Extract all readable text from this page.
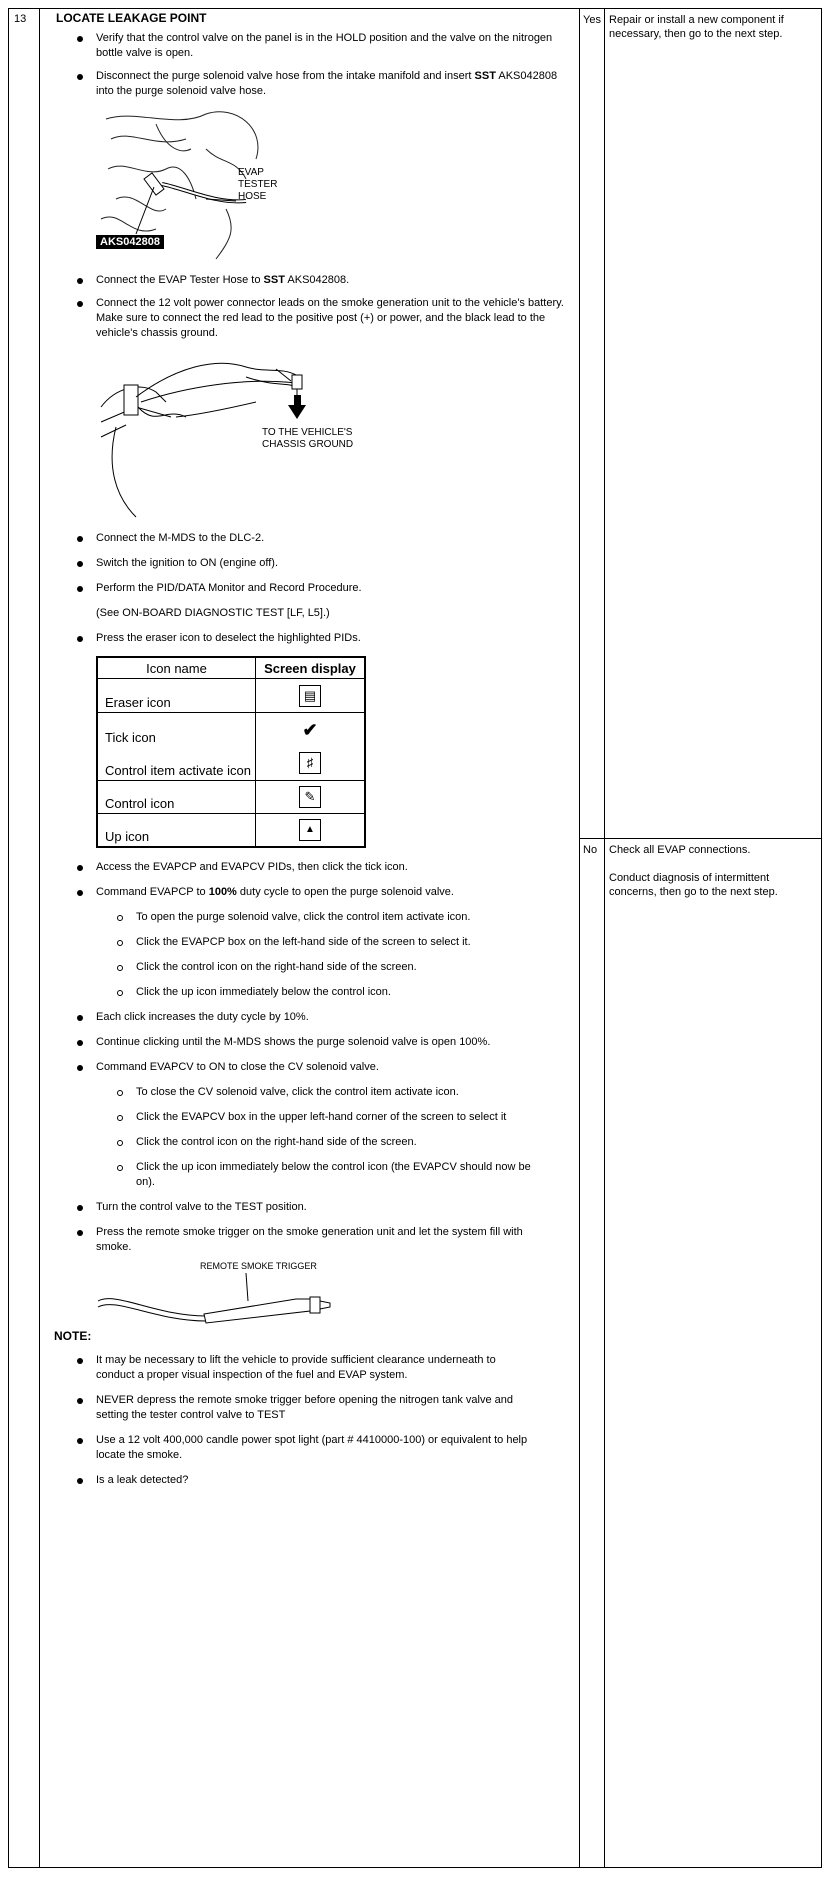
13 LOCATE LEAKAGE POINT
Verify that the control valve on the panel is in the HOLD position and the valve on the nitrogen bottle valve is open.
Disconnect the purge solenoid valve hose from the intake manifold and insert SST AKS042808 into the purge solenoid valve hose.
AKS042808
EVAP
TESTER
HOSE
Connect the EVAP Tester Hose to SST AKS042808.
Connect the 12 volt power connector leads on the smoke generation unit to the vehicle's battery. Make sure to connect the red lead to the positive post (+) or power, and the black lead to the vehicle's chassis ground.
TO THE VEHICLE'S
CHASSIS GROUND
Connect the M-MDS to the DLC-2.
Switch the ignition to ON (engine off).
Perform the PID/DATA Monitor and Record Procedure.
(See ON-BOARD DIAGNOSTIC TEST [LF, L5].)
Press the eraser icon to deselect the highlighted PIDs.
Icon name	Screen display
Eraser icon	▤
Tick icon	✔
Control item activate icon	♯
Control icon	✎
Up icon	▲
Access the EVAPCP and EVAPCV PIDs, then click the tick icon.
Command EVAPCP to 100% duty cycle to open the purge solenoid valve.
To open the purge solenoid valve, click the control item activate icon.
Click the EVAPCP box on the left-hand side of the screen to select it.
Click the control icon on the right-hand side of the screen.
Click the up icon immediately below the control icon.
Each click increases the duty cycle by 10%.
Continue clicking until the M-MDS shows the purge solenoid valve is open 100%.
Command EVAPCV to ON to close the CV solenoid valve.
To close the CV solenoid valve, click the control item activate icon.
Click the EVAPCV box in the upper left-hand corner of the screen to select it
Click the control icon on the right-hand side of the screen.
Click the up icon immediately below the control icon (the EVAPCV should now be on).
Turn the control valve to the TEST position.
Press the remote smoke trigger on the smoke generation unit and let the system fill with smoke.
REMOTE SMOKE TRIGGER
NOTE:
It may be necessary to lift the vehicle to provide sufficient clearance underneath to conduct a proper visual inspection of the fuel and EVAP system.
NEVER depress the remote smoke trigger before opening the nitrogen tank valve and setting the tester control valve to TEST
Use a 12 volt 400,000 candle power spot light (part # 4410000-100) or equivalent to help locate the smoke.
Is a leak detected?
Yes Repair or install a new component if necessary, then go to the next step.
No Check all EVAP connections.
Conduct diagnosis of intermittent concerns, then go to the next step.
